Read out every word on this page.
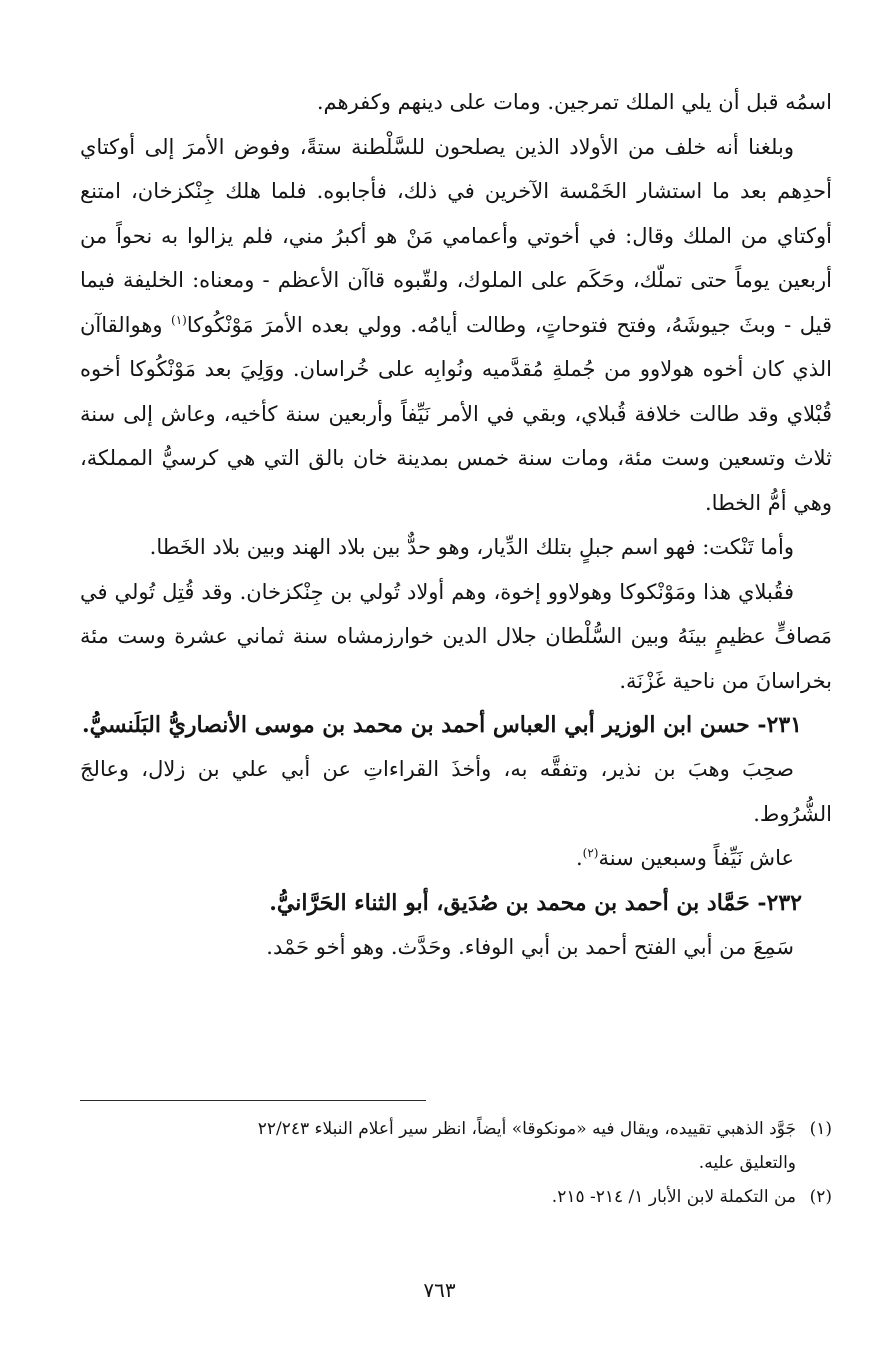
اسمُه قبل أن يلي الملك تمرجين. ومات على دينهم وكفرهم.

وبلغنا أنه خلف من الأولاد الذين يصلحون للسَّلْطنة ستةً، وفوض الأمرَ إلى أوكتاي أحدِهم بعد ما استشار الخَمْسة الآخرين في ذلك، فأجابوه. فلما هلك جِنْكزخان، امتنع أوكتاي من الملك وقال: في أخوتي وأعمامي مَنْ هو أكبرُ مني، فلم يزالوا به نحواً من أربعين يوماً حتى تملّك، وحَكَم على الملوك، ولقّبوه قاآن الأعظم - ومعناه: الخليفة فيما قيل - وبثَ جيوشَهُ، وفتح فتوحاتٍ، وطالت أيامُه. وولي بعده الأمرَ مَوْنْكُوكا$^{(١)}$ وهوالقاآن الذي كان أخوه هولاوو من جُملةِ مُقدَّميه ونُوابِه على خُراسان. ووَلِيَ بعد مَوْنْكُوكا أخوه قُبْلاي وقد طالت خلافة قُبلاي، وبقي في الأمر نَيِّفاً وأربعين سنة كأخيه، وعاش إلى سنة ثلاث وتسعين وست مئة، ومات سنة خمس بمدينة خان بالق التي هي كرسيُّ المملكة، وهي أمُّ الخطا.

وأما تَنْكت: فهو اسم جبلٍ بتلك الدِّيار، وهو حدٌّ بين بلاد الهند وبين بلاد الخَطا.

فقُبلاي هذا ومَوْنْكوكا وهولاوو إخوة، وهم أولاد تُولي بن جِنْكزخان. وقد قُتِل تُولي في مَصافٍّ عظيمٍ بينَهُ وبين السُّلْطان جلال الدين خوارزمشاه سنة ثماني عشرة وست مئة بخراسانَ من ناحية غَزْنَة.

٢٣١- حسن ابن الوزير أبي العباس أحمد بن محمد بن موسى الأنصاريُّ البَلَنسيُّ.

صحِبَ وهبَ بن نذير، وتفقَّه به، وأخذَ القراءاتِ عن أبي علي بن زلال، وعالجَ الشُّرُوط.

عاش نَيِّفاً وسبعين سنة$^{(٢)}$.

٢٣٢- حَمَّاد بن أحمد بن محمد بن صُدَيق، أبو الثناء الحَرَّانيُّ.

سَمِعَ من أبي الفتح أحمد بن أبي الوفاء. وحَدَّث. وهو أخو حَمْد.

(١)جَوَّد الذهبي تقييده، ويقال فيه «مونكوقا» أيضاً، انظر سير أعلام النبلاء ٢٢/٢٤٣

والتعليق عليه.

(٢)من التكملة لابن الأبار ١/ ٢١٤- ٢١٥.

٧٦٣
